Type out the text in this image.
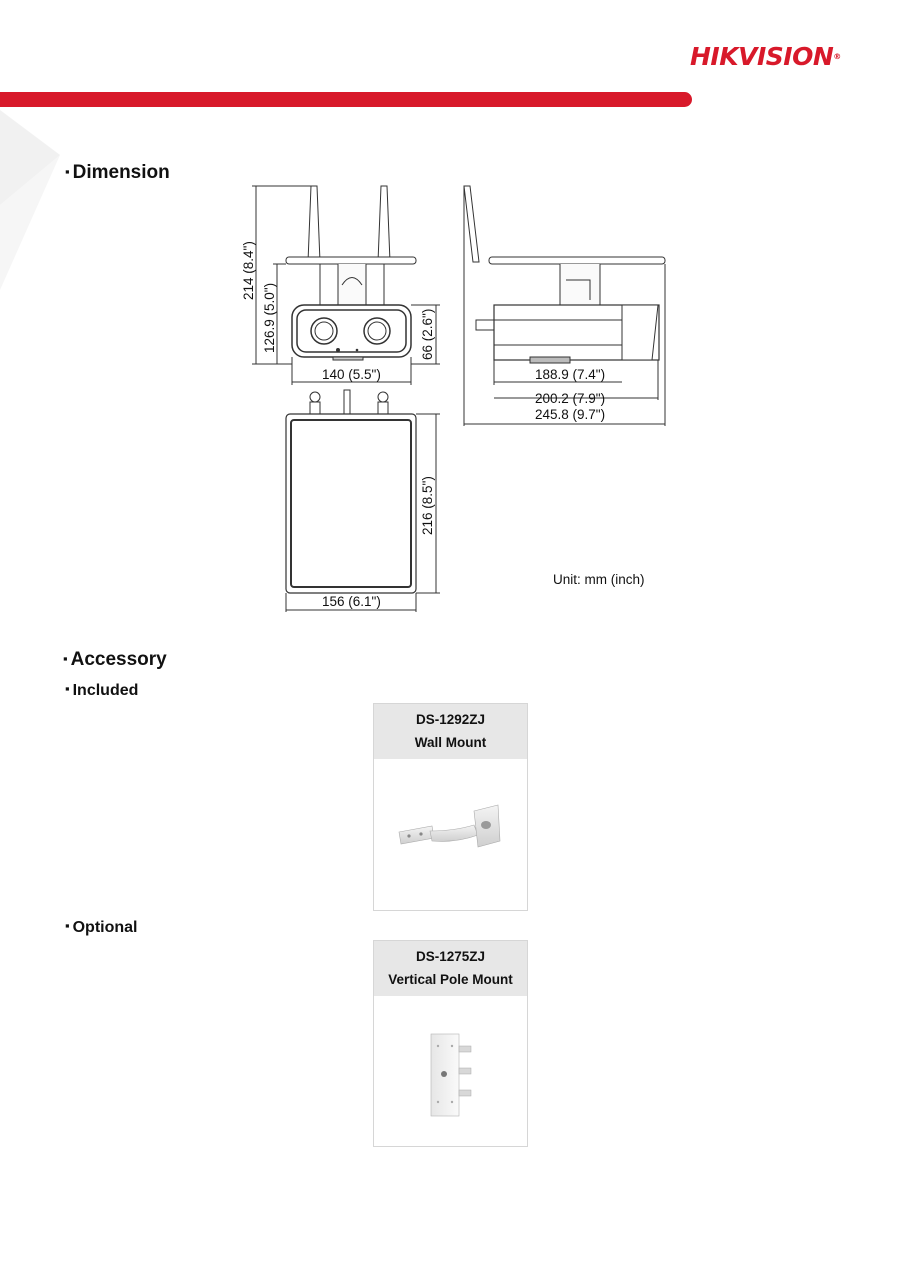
HIKVISION®
▪ Dimension
214 (8.4")
126.9 (5.0")	66 (2.6")
140 (5.5")	188.9 (7.4")
200.2 (7.9")
245.8 (9.7")
216 (8.5")
156 (6.1")
Unit: mm (inch)
▪ Accessory
▪ Included
DS-1292ZJ
Wall Mount
▪ Optional
DS-1275ZJ
Vertical Pole Mount
